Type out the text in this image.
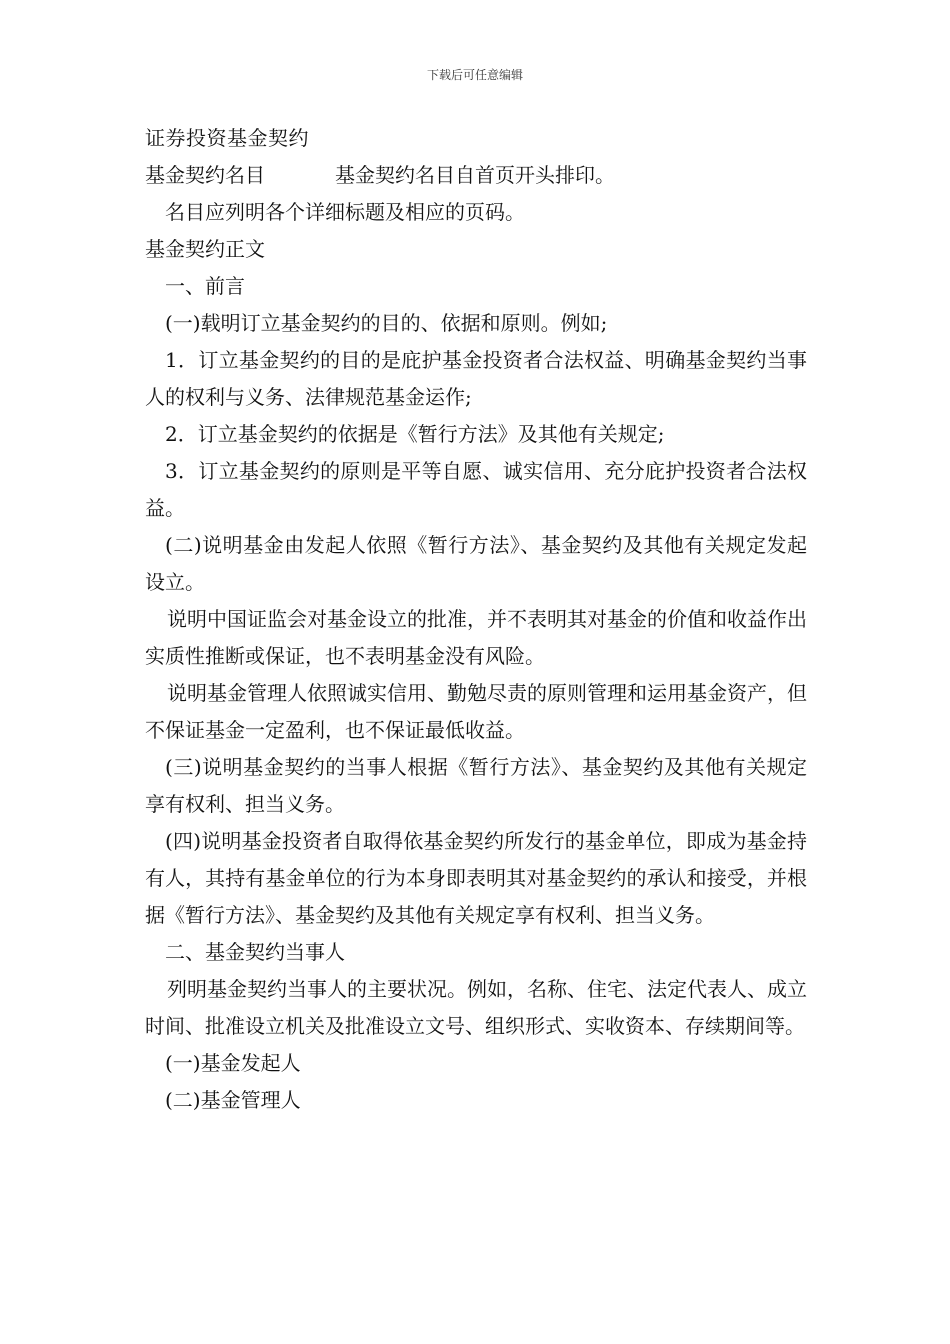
下载后可任意编辑

证券投资基金契约

基金契约名目	基金契约名目自首页开头排印。

名目应列明各个详细标题及相应的页码。

基金契约正文

一、前言

(一)载明订立基金契约的目的、依据和原则。例如;

1．订立基金契约的目的是庇护基金投资者合法权益、明确基金契约当事人的权利与义务、法律规范基金运作;

2．订立基金契约的依据是《暂行方法》及其他有关规定;

3．订立基金契约的原则是平等自愿、诚实信用、充分庇护投资者合法权益。

(二)说明基金由发起人依照《暂行方法》、基金契约及其他有关规定发起设立。

说明中国证监会对基金设立的批准，并不表明其对基金的价值和收益作出实质性推断或保证，也不表明基金没有风险。

说明基金管理人依照诚实信用、勤勉尽责的原则管理和运用基金资产，但不保证基金一定盈利，也不保证最低收益。

(三)说明基金契约的当事人根据《暂行方法》、基金契约及其他有关规定享有权利、担当义务。

(四)说明基金投资者自取得依基金契约所发行的基金单位，即成为基金持有人，其持有基金单位的行为本身即表明其对基金契约的承认和接受，并根据《暂行方法》、基金契约及其他有关规定享有权利、担当义务。

二、基金契约当事人

列明基金契约当事人的主要状况。例如，名称、住宅、法定代表人、成立时间、批准设立机关及批准设立文号、组织形式、实收资本、存续期间等。

(一)基金发起人

(二)基金管理人
